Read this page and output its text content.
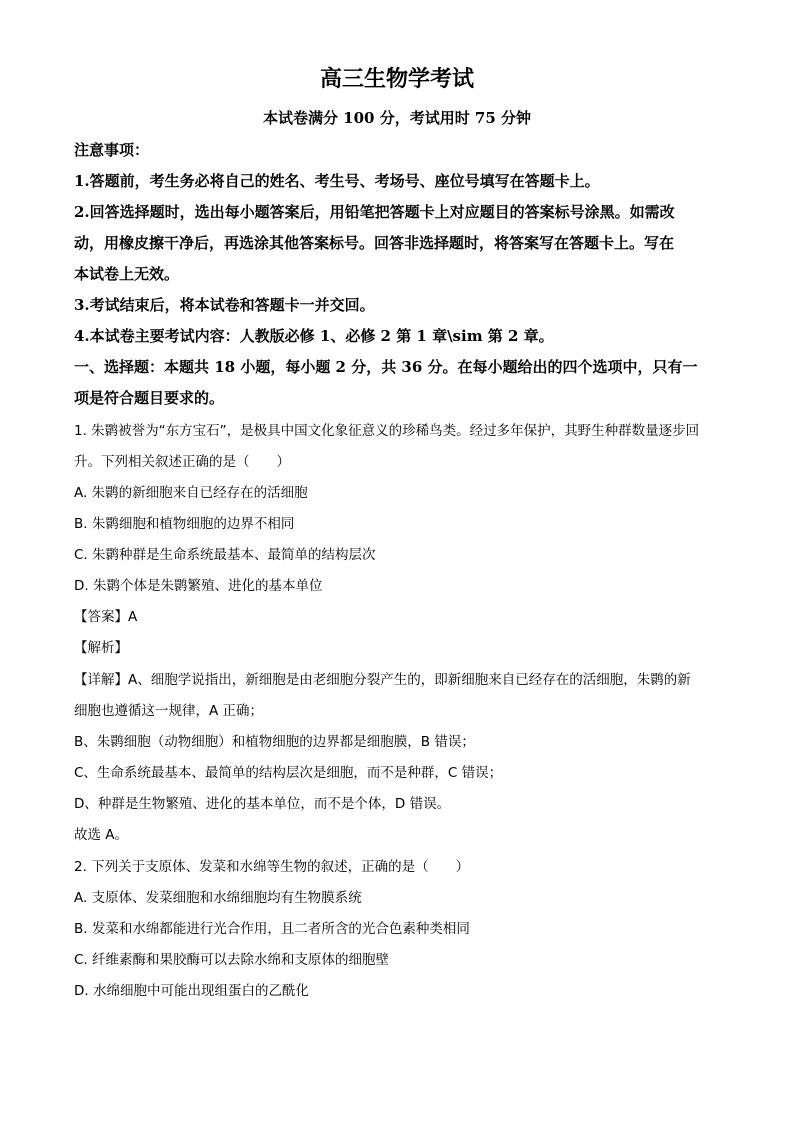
高三生物学考试
本试卷满分 100 分，考试用时 75 分钟
注意事项：
1.答题前，考生务必将自己的姓名、考生号、考场号、座位号填写在答题卡上。
2.回答选择题时，选出每小题答案后，用铅笔把答题卡上对应题目的答案标号涂黑。如需改
动，用橡皮擦干净后，再选涂其他答案标号。回答非选择题时，将答案写在答题卡上。写在
本试卷上无效。
3.考试结束后，将本试卷和答题卡一并交回。
4.本试卷主要考试内容：人教版必修 1、必修 2 第 1 章\sim 第 2 章。
一、选择题：本题共 18 小题，每小题 2 分，共 36 分。在每小题给出的四个选项中，只有一
项是符合题目要求的。
1. 朱鹮被誉为“东方宝石”，是极具中国文化象征意义的珍稀鸟类。经过多年保护，其野生种群数量逐步回
升。下列相关叙述正确的是（　　）
A. 朱鹮的新细胞来自已经存在的活细胞
B. 朱鹮细胞和植物细胞的边界不相同
C. 朱鹮种群是生命系统最基本、最简单的结构层次
D. 朱鹮个体是朱鹮繁殖、进化的基本单位
【答案】A
【解析】
【详解】A、细胞学说指出，新细胞是由老细胞分裂产生的，即新细胞来自已经存在的活细胞，朱鹮的新
细胞也遵循这一规律，A 正确；
B、朱鹮细胞（动物细胞）和植物细胞的边界都是细胞膜，B 错误；
C、生命系统最基本、最简单的结构层次是细胞，而不是种群，C 错误；
D、种群是生物繁殖、进化的基本单位，而不是个体，D 错误。
故选 A。
2. 下列关于支原体、发菜和水绵等生物的叙述，正确的是（　　）
A. 支原体、发菜细胞和水绵细胞均有生物膜系统
B. 发菜和水绵都能进行光合作用，且二者所含的光合色素种类相同
C. 纤维素酶和果胶酶可以去除水绵和支原体的细胞壁
D. 水绵细胞中可能出现组蛋白的乙酰化
